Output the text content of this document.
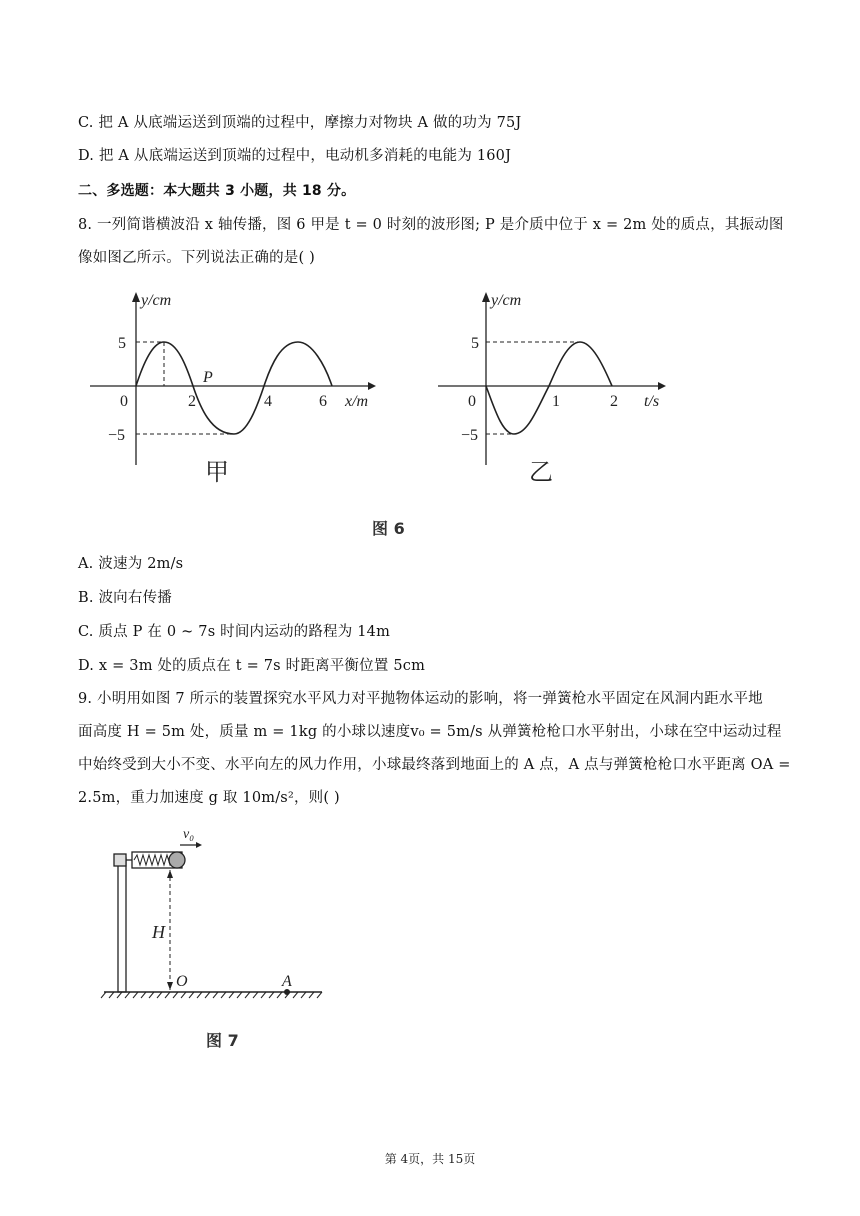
C. 把 A 从底端运送到顶端的过程中，摩擦力对物块 A 做的功为 75J
D. 把 A 从底端运送到顶端的过程中，电动机多消耗的电能为 160J
二、多选题：本大题共 3 小题，共 18 分。
8. 一列简谐横波沿 x 轴传播，图 6 甲是 t = 0 时刻的波形图; P 是介质中位于 x = 2m 处的质点，其振动图
像如图乙所示。下列说法正确的是( )
y/cm
5
−5
0	2	4	6 x/m
P
甲
y/cm
5
−5
0	1	2 t/s
乙
图 6
A. 波速为 2m/s
B. 波向右传播
C. 质点 P 在 0 ~ 7s 时间内运动的路程为 14m
D. x = 3m 处的质点在 t = 7s 时距离平衡位置 5cm
9. 小明用如图 7 所示的装置探究水平风力对平抛物体运动的影响，将一弹簧枪水平固定在风洞内距水平地
面高度 H = 5m 处，质量 m = 1kg 的小球以速度v₀ = 5m/s 从弹簧枪枪口水平射出，小球在空中运动过程
中始终受到大小不变、水平向左的风力作用，小球最终落到地面上的 A 点，A 点与弹簧枪枪口水平距离 OA =
2.5m，重力加速度 g 取 10m/s²，则( )
v₀
H
O	A
图 7
第 4页，共 15页
